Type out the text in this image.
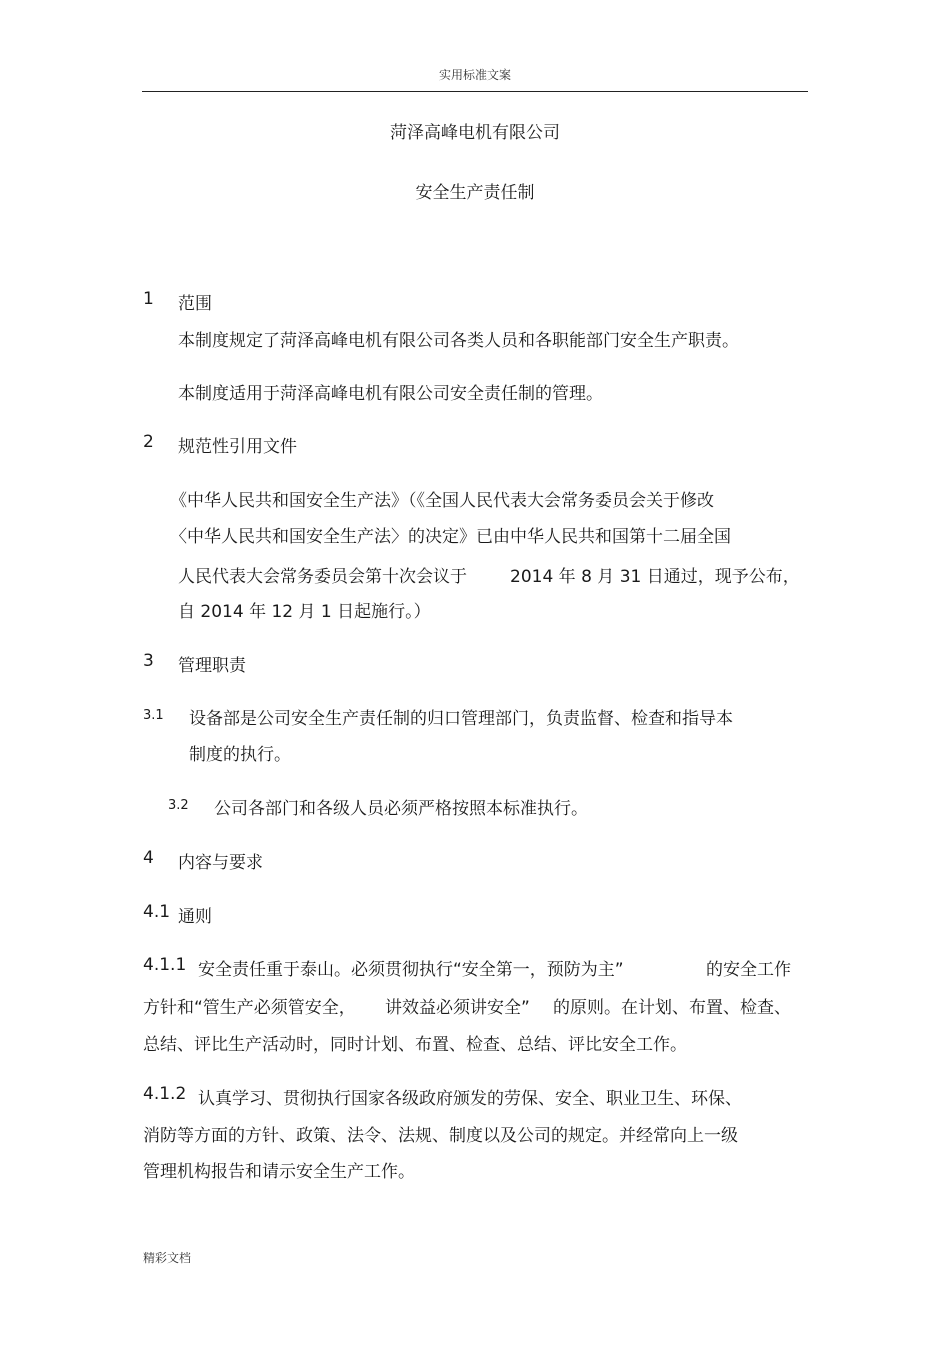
实用标准文案
菏泽高峰电机有限公司
安全生产责任制
1 范围
本制度规定了菏泽高峰电机有限公司各类人员和各职能部门安全生产职责。
本制度适用于菏泽高峰电机有限公司安全责任制的管理。
2 规范性引用文件
《中华人民共和国安全生产法》（《全国人民代表大会常务委员会关于修改
〈中华人民共和国安全生产法〉的决定》已由中华人民共和国第十二届全国
人民代表大会常务委员会第十次会议于	2014 年 8 月 31 日通过，现予公布，
自 2014 年 12 月 1 日起施行。）
3 管理职责
3.1 设备部是公司安全生产责任制的归口管理部门，负责监督、检查和指导本
制度的执行。
3.2 公司各部门和各级人员必须严格按照本标准执行。
4 内容与要求
4.1 通则
4.1.1 安全责任重于泰山。必须贯彻执行“安全第一，预防为主”	的安全工作
方针和“管生产必须管安全， 讲效益必须讲安全” 的原则。在计划、布置、检查、
总结、评比生产活动时，同时计划、布置、检查、总结、评比安全工作。
4.1.2 认真学习、贯彻执行国家各级政府颁发的劳保、安全、职业卫生、环保、
消防等方面的方针、政策、法令、法规、制度以及公司的规定。并经常向上一级
管理机构报告和请示安全生产工作。
精彩文档
